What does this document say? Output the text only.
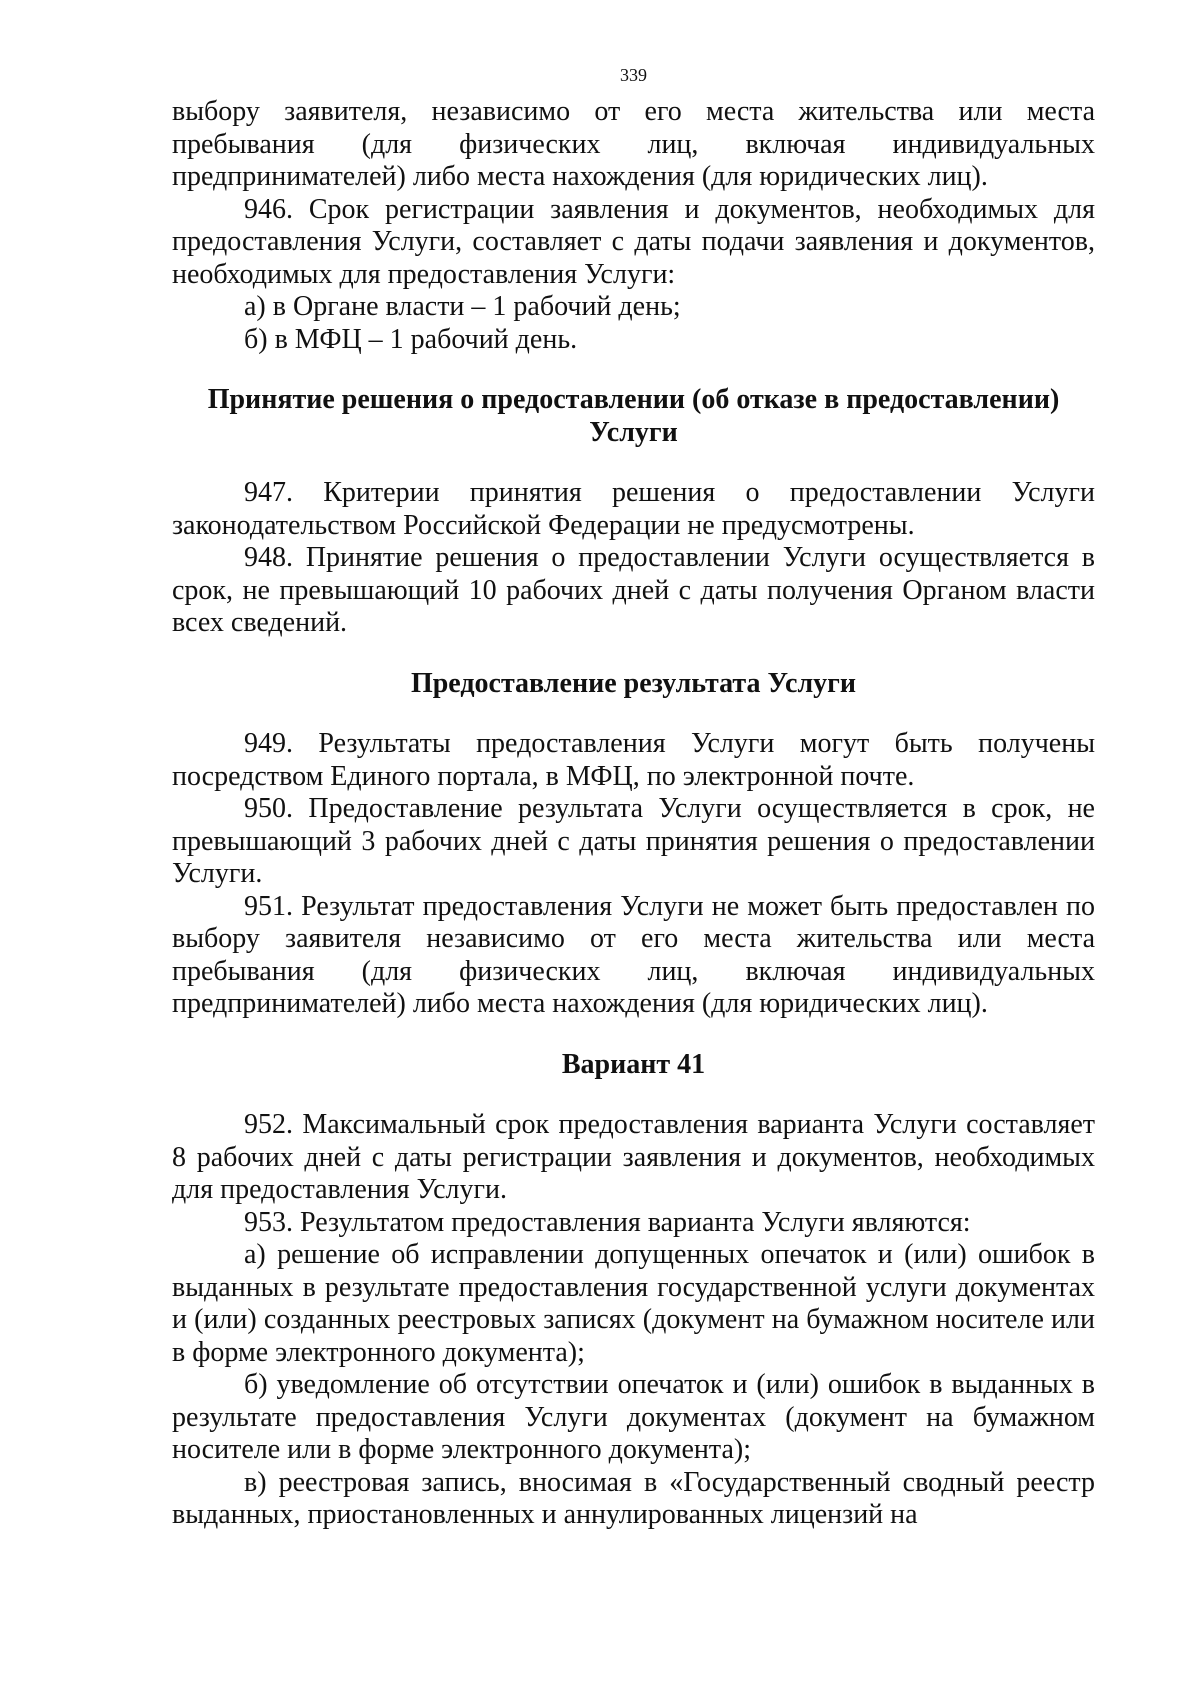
339

выбору заявителя, независимо от его места жительства или места пребывания (для физических лиц, включая индивидуальных предпринимателей) либо места нахождения (для юридических лиц).

946. Срок регистрации заявления и документов, необходимых для предоставления Услуги, составляет с даты подачи заявления и документов, необходимых для предоставления Услуги:

а) в Органе власти – 1 рабочий день;

б) в МФЦ – 1 рабочий день.

Принятие решения о предоставлении (об отказе в предоставлении) Услуги

947. Критерии принятия решения о предоставлении Услуги законодательством Российской Федерации не предусмотрены.

948. Принятие решения о предоставлении Услуги осуществляется в срок, не превышающий 10 рабочих дней с даты получения Органом власти всех сведений.

Предоставление результата Услуги

949. Результаты предоставления Услуги могут быть получены посредством Единого портала, в МФЦ, по электронной почте.

950. Предоставление результата Услуги осуществляется в срок, не превышающий 3 рабочих дней с даты принятия решения о предоставлении Услуги.

951. Результат предоставления Услуги не может быть предоставлен по выбору заявителя независимо от его места жительства или места пребывания (для физических лиц, включая индивидуальных предпринимателей) либо места нахождения (для юридических лиц).

Вариант 41

952. Максимальный срок предоставления варианта Услуги составляет 8 рабочих дней с даты регистрации заявления и документов, необходимых для предоставления Услуги.

953. Результатом предоставления варианта Услуги являются:

а) решение об исправлении допущенных опечаток и (или) ошибок в выданных в результате предоставления государственной услуги документах и (или) созданных реестровых записях (документ на бумажном носителе или в форме электронного документа);

б) уведомление об отсутствии опечаток и (или) ошибок в выданных в результате предоставления Услуги документах (документ на бумажном носителе или в форме электронного документа);

в) реестровая запись, вносимая в «Государственный сводный реестр выданных, приостановленных и аннулированных лицензий на
